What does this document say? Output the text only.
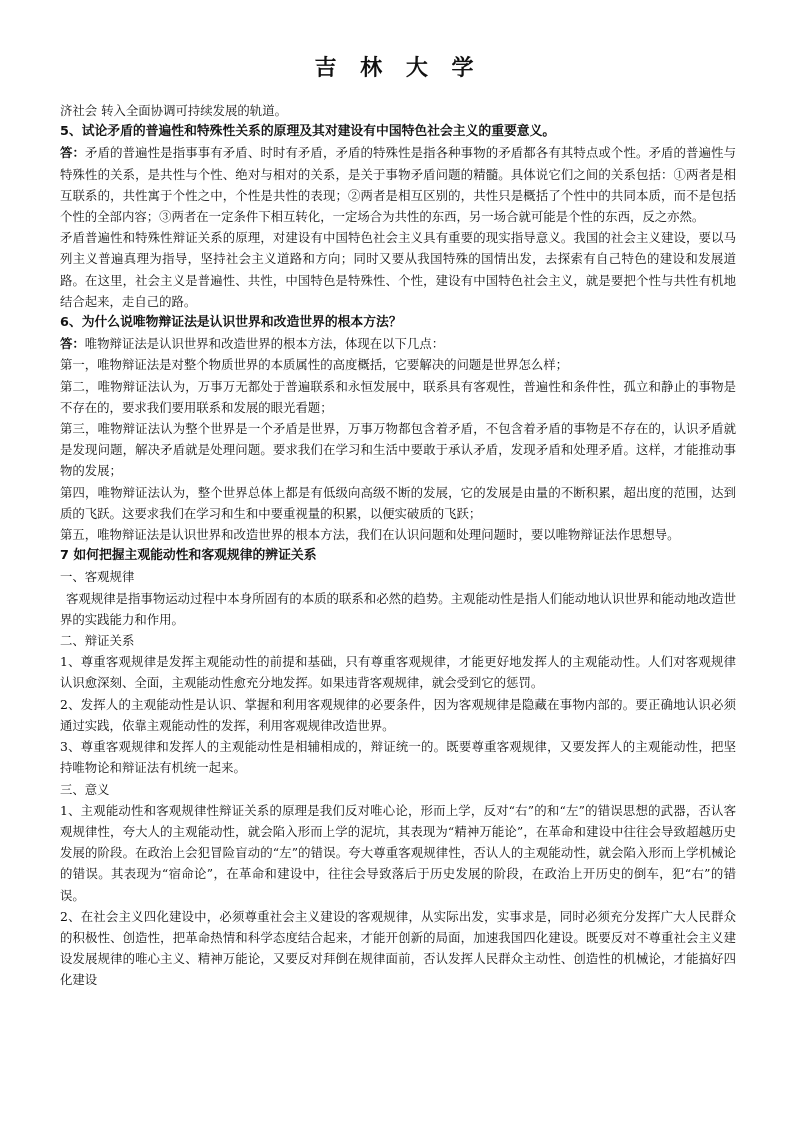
吉 林 大 学

济社会 转入全面协调可持续发展的轨道。

5、试论矛盾的普遍性和特殊性关系的原理及其对建设有中国特色社会主义的重要意义。

答：矛盾的普遍性是指事事有矛盾、时时有矛盾，矛盾的特殊性是指各种事物的矛盾都各有其特点或个性。矛盾的普遍性与特殊性的关系，是共性与个性、绝对与相对的关系，是关于事物矛盾问题的精髓。具体说它们之间的关系包括：①两者是相互联系的，共性寓于个性之中，个性是共性的表现；②两者是相互区别的，共性只是概括了个性中的共同本质，而不是包括个性的全部内容；③两者在一定条件下相互转化，一定场合为共性的东西，另一场合就可能是个性的东西，反之亦然。

矛盾普遍性和特殊性辩证关系的原理，对建设有中国特色社会主义具有重要的现实指导意义。我国的社会主义建设，要以马列主义普遍真理为指导，坚持社会主义道路和方向；同时又要从我国特殊的国情出发，去探索有自己特色的建设和发展道路。在这里，社会主义是普遍性、共性，中国特色是特殊性、个性，建设有中国特色社会主义，就是要把个性与共性有机地结合起来，走自己的路。

6、为什么说唯物辩证法是认识世界和改造世界的根本方法？

答：唯物辩证法是认识世界和改造世界的根本方法，体现在以下几点：

第一，唯物辩证法是对整个物质世界的本质属性的高度概括，它要解决的问题是世界怎么样；

第二，唯物辩证法认为，万事万无都处于普遍联系和永恒发展中，联系具有客观性，普遍性和条件性，孤立和静止的事物是不存在的，要求我们要用联系和发展的眼光看题；

第三，唯物辩证法认为整个世界是一个矛盾是世界，万事万物都包含着矛盾，不包含着矛盾的事物是不存在的，认识矛盾就是发现问题，解决矛盾就是处理问题。要求我们在学习和生活中要敢于承认矛盾，发现矛盾和处理矛盾。这样，才能推动事物的发展；

第四，唯物辩证法认为，整个世界总体上都是有低级向高级不断的发展，它的发展是由量的不断积累，超出度的范围，达到质的飞跃。这要求我们在学习和生和中要重视量的积累，以便实破质的飞跃；

第五，唯物辩证法是认识世界和改造世界的根本方法，我们在认识问题和处理问题时，要以唯物辩证法作思想导。

7 如何把握主观能动性和客观规律的辨证关系

一、客观规律

客观规律是指事物运动过程中本身所固有的本质的联系和必然的趋势。主观能动性是指人们能动地认识世界和能动地改造世界的实践能力和作用。

二、辩证关系

1、尊重客观规律是发挥主观能动性的前提和基础，只有尊重客观规律，才能更好地发挥人的主观能动性。人们对客观规律认识愈深刻、全面，主观能动性愈充分地发挥。如果违背客观规律，就会受到它的惩罚。

2、发挥人的主观能动性是认识、掌握和利用客观规律的必要条件，因为客观规律是隐藏在事物内部的。要正确地认识必须通过实践，依靠主观能动性的发挥，利用客观规律改造世界。

3、尊重客观规律和发挥人的主观能动性是相辅相成的，辩证统一的。既要尊重客观规律，又要发挥人的主观能动性，把坚持唯物论和辩证法有机统一起来。

三、意义

1、主观能动性和客观规律性辩证关系的原理是我们反对唯心论，形而上学，反对“右”的和“左”的错误思想的武器，否认客观规律性，夸大人的主观能动性，就会陷入形而上学的泥坑，其表现为“精神万能论”，在革命和建设中往往会导致超越历史发展的阶段。在政治上会犯冒险盲动的“左”的错误。夸大尊重客观规律性，否认人的主观能动性，就会陷入形而上学机械论的错误。其表现为“宿命论”，在革命和建设中，往往会导致落后于历史发展的阶段，在政治上开历史的倒车，犯“右”的错误。

2、在社会主义四化建设中，必须尊重社会主义建设的客观规律，从实际出发，实事求是，同时必须充分发挥广大人民群众的积极性、创造性，把革命热情和科学态度结合起来，才能开创新的局面，加速我国四化建设。既要反对不尊重社会主义建设发展规律的唯心主义、精神万能论，又要反对拜倒在规律面前，否认发挥人民群众主动性、创造性的机械论，才能搞好四化建设
